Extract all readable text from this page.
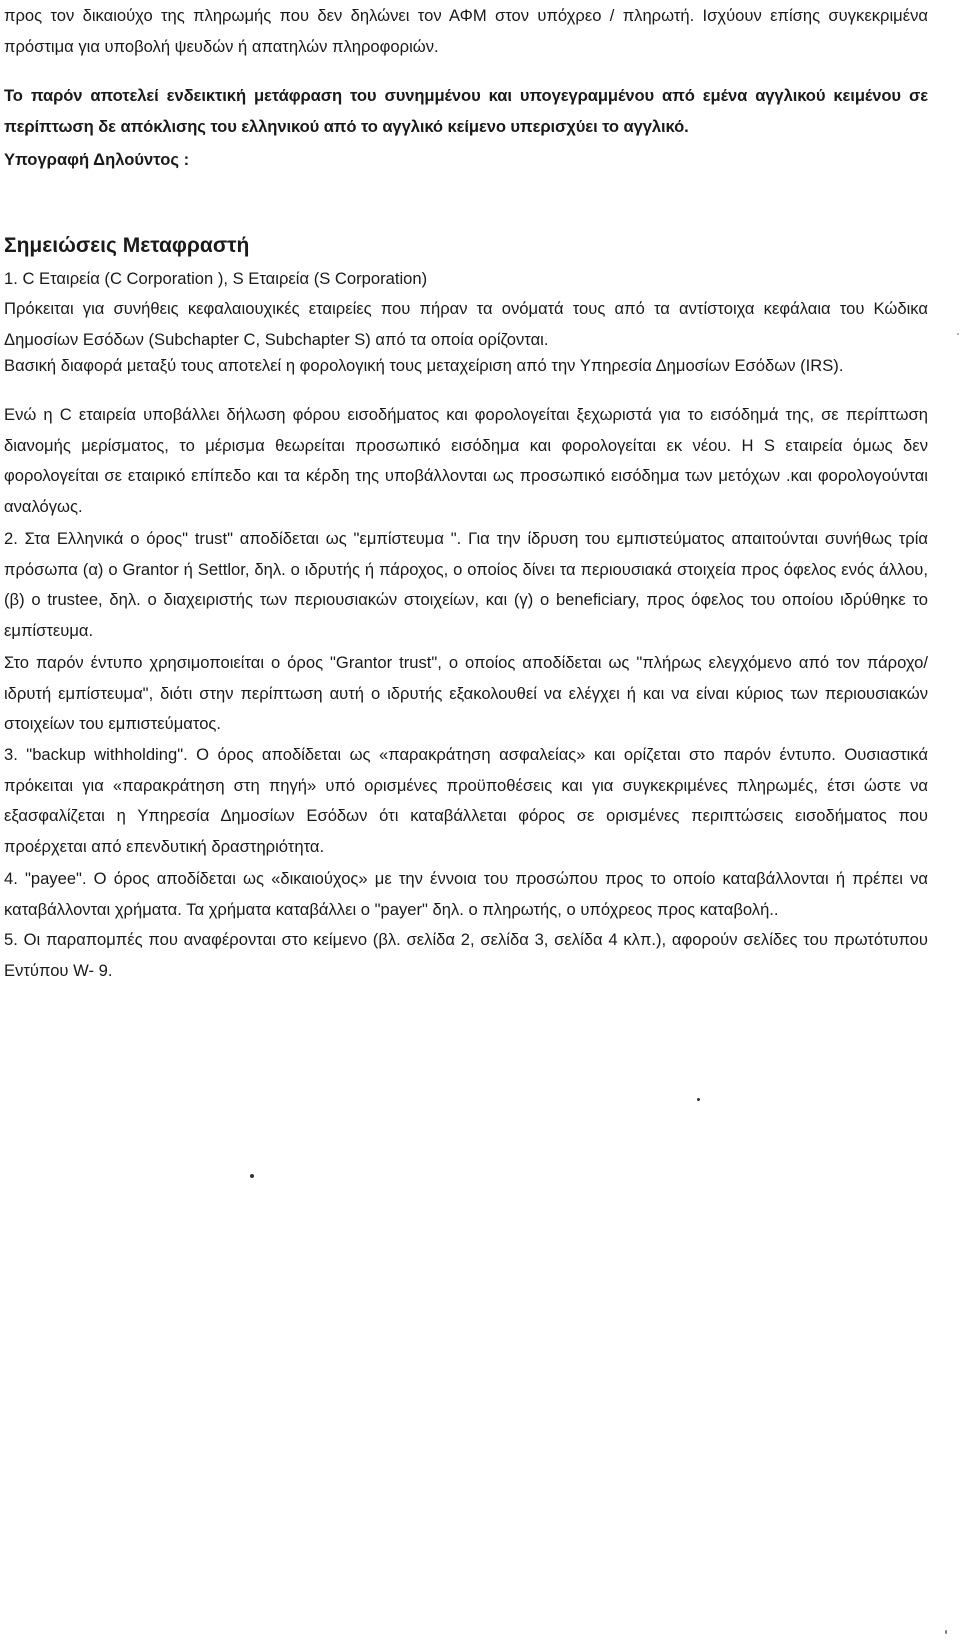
προς τον δικαιούχο της πληρωμής που δεν δηλώνει τον ΑΦΜ στον υπόχρεο / πληρωτή. Ισχύουν επίσης συγκεκριμένα πρόστιμα για υποβολή ψευδών ή απατηλών πληροφοριών.

Το παρόν αποτελεί ενδεικτική μετάφραση του συνημμένου και υπογεγραμμένου από εμένα αγγλικού κειμένου σε περίπτωση δε απόκλισης του ελληνικού από το αγγλικό κείμενο υπερισχύει το αγγλικό.

Υπογραφή Δηλούντος :

Σημειώσεις Μεταφραστή

1. C Εταιρεία (C Corporation ), S Εταιρεία (S Corporation)

Πρόκειται για συνήθεις κεφαλαιουχικές εταιρείες που πήραν τα ονόματά τους από τα αντίστοιχα κεφάλαια του Κώδικα Δημοσίων Εσόδων (Subchapter C, Subchapter S) από τα οποία ορίζονται.

Βασική διαφορά μεταξύ τους αποτελεί η φορολογική τους μεταχείριση από την Υπηρεσία Δημοσίων Εσόδων (IRS).

Ενώ η C εταιρεία υποβάλλει δήλωση φόρου εισοδήματος και φορολογείται ξεχωριστά για το εισόδημά της, σε περίπτωση διανομής μερίσματος, το μέρισμα θεωρείται προσωπικό εισόδημα και φορολογείται εκ νέου. Η S εταιρεία όμως δεν φορολογείται σε εταιρικό επίπεδο και τα κέρδη της υποβάλλονται ως προσωπικό εισόδημα των μετόχων .και φορολογούνται αναλόγως.

2. Στα Ελληνικά ο όρος" trust" αποδίδεται ως "εμπίστευμα ". Για την ίδρυση του εμπιστεύματος απαιτούνται συνήθως τρία πρόσωπα (α) ο Grantor ή Settlor, δηλ. ο ιδρυτής ή πάροχος, ο οποίος δίνει τα περιουσιακά στοιχεία προς όφελος ενός άλλου, (β) ο trustee, δηλ. ο διαχειριστής των περιουσιακών στοιχείων, και (γ) ο beneficiary, προς όφελος του οποίου ιδρύθηκε το εμπίστευμα.

Στο παρόν έντυπο χρησιμοποιείται ο όρος "Grantor trust", ο οποίος αποδίδεται ως "πλήρως ελεγχόμενο από τον πάροχο/ιδρυτή εμπίστευμα", διότι στην περίπτωση αυτή ο ιδρυτής εξακολουθεί να ελέγχει ή και να είναι κύριος των περιουσιακών στοιχείων του εμπιστεύματος.

3. "backup withholding". Ο όρος αποδίδεται ως «παρακράτηση ασφαλείας» και ορίζεται στο παρόν έντυπο. Ουσιαστικά πρόκειται για «παρακράτηση στη πηγή» υπό ορισμένες προϋποθέσεις και για συγκεκριμένες πληρωμές, έτσι ώστε να εξασφαλίζεται η Υπηρεσία Δημοσίων Εσόδων ότι καταβάλλεται φόρος σε ορισμένες περιπτώσεις εισοδήματος που προέρχεται από επενδυτική δραστηριότητα.

4. "payee". Ο όρος αποδίδεται ως «δικαιούχος» με την έννοια του προσώπου προς το οποίο καταβάλλονται ή πρέπει να καταβάλλονται χρήματα. Τα χρήματα καταβάλλει ο "payer" δηλ. ο πληρωτής, ο υπόχρεος προς καταβολή..

5. Οι παραπομπές που αναφέρονται στο κείμενο (βλ. σελίδα 2, σελίδα 3, σελίδα 4 κλπ.), αφορούν σελίδες του πρωτότυπου Εντύπου W- 9.
